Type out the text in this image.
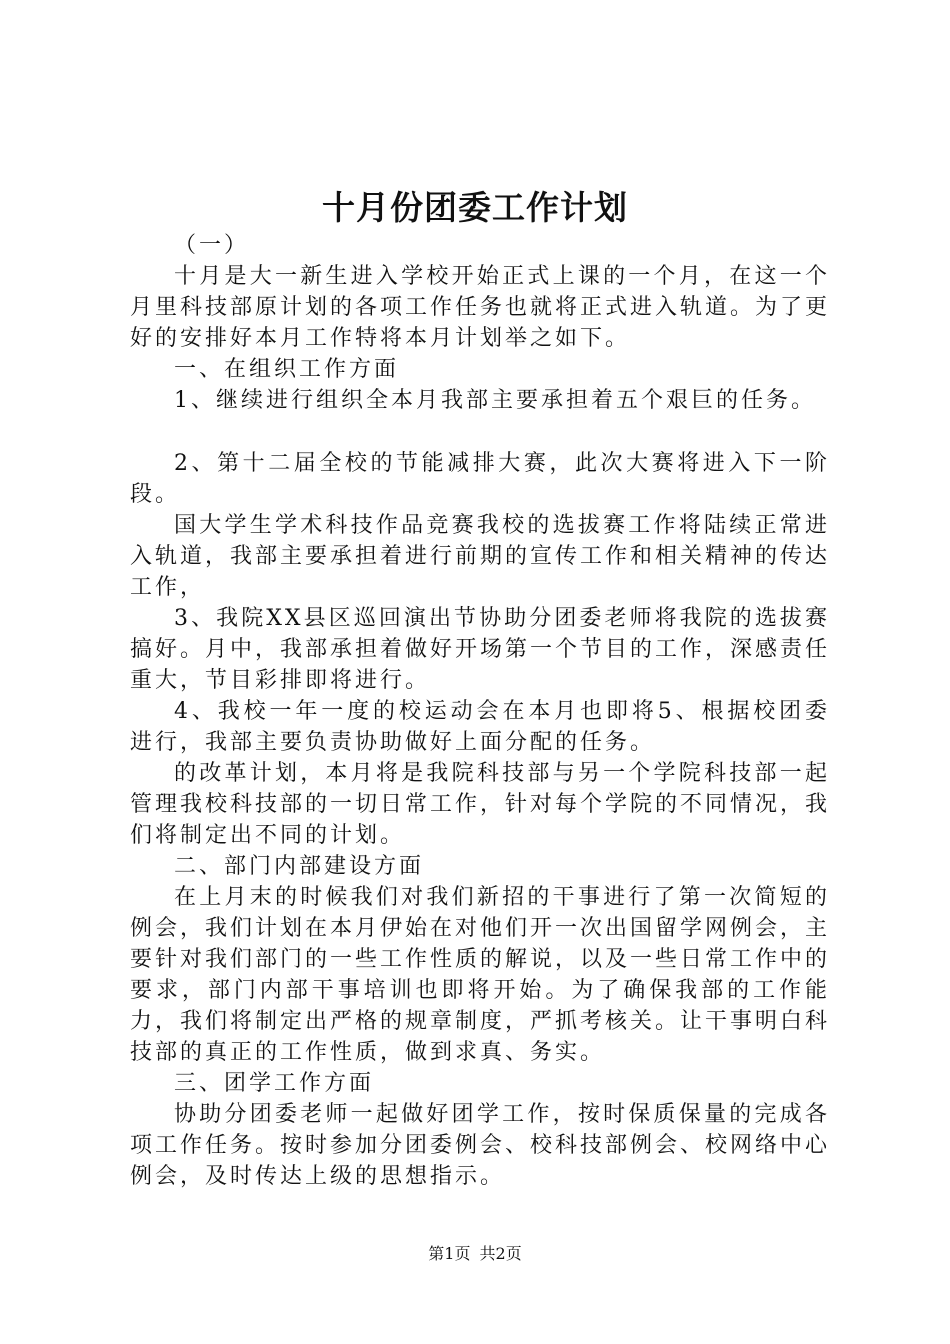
十月份团委工作计划

（一）

十月是大一新生进入学校开始正式上课的一个月，在这一个月里科技部原计划的各项工作任务也就将正式进入轨道。为了更好的安排好本月工作特将本月计划举之如下。

一、在组织工作方面

1、继续进行组织全本月我部主要承担着五个艰巨的任务。

2、第十二届全校的节能减排大赛，此次大赛将进入下一阶段。

国大学生学术科技作品竞赛我校的选拔赛工作将陆续正常进入轨道，我部主要承担着进行前期的宣传工作和相关精神的传达工作，

3、我院XX县区巡回演出节协助分团委老师将我院的选拔赛搞好。月中，我部承担着做好开场第一个节目的工作，深感责任重大，节目彩排即将进行。

4、我校一年一度的校运动会在本月也即将5、根据校团委进行，我部主要负责协助做好上面分配的任务。

的改革计划，本月将是我院科技部与另一个学院科技部一起管理我校科技部的一切日常工作，针对每个学院的不同情况，我们将制定出不同的计划。

二、部门内部建设方面

在上月末的时候我们对我们新招的干事进行了第一次简短的例会，我们计划在本月伊始在对他们开一次出国留学网例会，主要针对我们部门的一些工作性质的解说，以及一些日常工作中的要求，部门内部干事培训也即将开始。为了确保我部的工作能力，我们将制定出严格的规章制度，严抓考核关。让干事明白科技部的真正的工作性质，做到求真、务实。

三、团学工作方面

协助分团委老师一起做好团学工作，按时保质保量的完成各项工作任务。按时参加分团委例会、校科技部例会、校网络中心例会，及时传达上级的思想指示。

第1页 共2页
